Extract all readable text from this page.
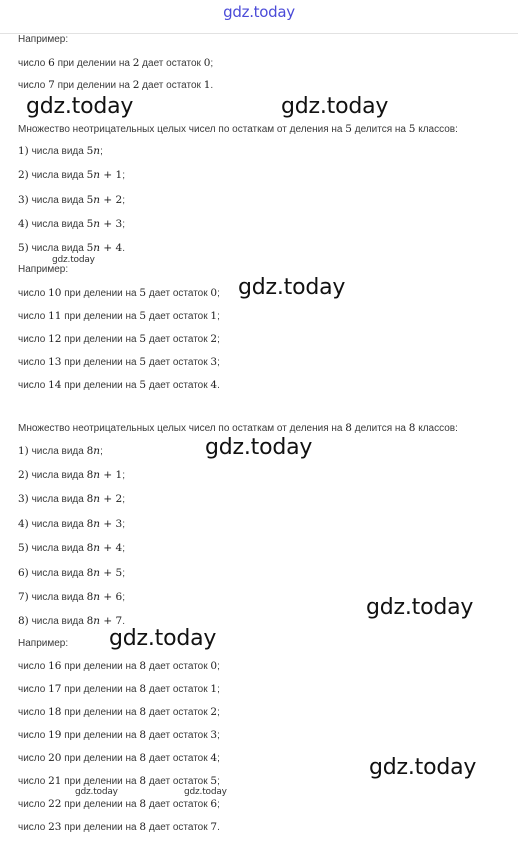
gdz.today
Например:
число 6 при делении на 2 дает остаток 0;
число 7 при делении на 2 дает остаток 1.
Множество неотрицательных целых чисел по остаткам от деления на 5 делится на 5 классов:
1) числа вида 5n;
2) числа вида 5n + 1;
3) числа вида 5n + 2;
4) числа вида 5n + 3;
5) числа вида 5n + 4.
Например:
число 10 при делении на 5 дает остаток 0;
число 11 при делении на 5 дает остаток 1;
число 12 при делении на 5 дает остаток 2;
число 13 при делении на 5 дает остаток 3;
число 14 при делении на 5 дает остаток 4.
Множество неотрицательных целых чисел по остаткам от деления на 8 делится на 8 классов:
1) числа вида 8n;
2) числа вида 8n + 1;
3) числа вида 8n + 2;
4) числа вида 8n + 3;
5) числа вида 8n + 4;
6) числа вида 8n + 5;
7) числа вида 8n + 6;
8) числа вида 8n + 7.
Например:
число 16 при делении на 8 дает остаток 0;
число 17 при делении на 8 дает остаток 1;
число 18 при делении на 8 дает остаток 2;
число 19 при делении на 8 дает остаток 3;
число 20 при делении на 8 дает остаток 4;
число 21 при делении на 8 дает остаток 5;
число 22 при делении на 8 дает остаток 6;
число 23 при делении на 8 дает остаток 7.
gdz.today	gdz.today
gdz.today
gdz.today
gdz.today
gdz.today
gdz.today
gdz.today
gdz.today	gdz.today
